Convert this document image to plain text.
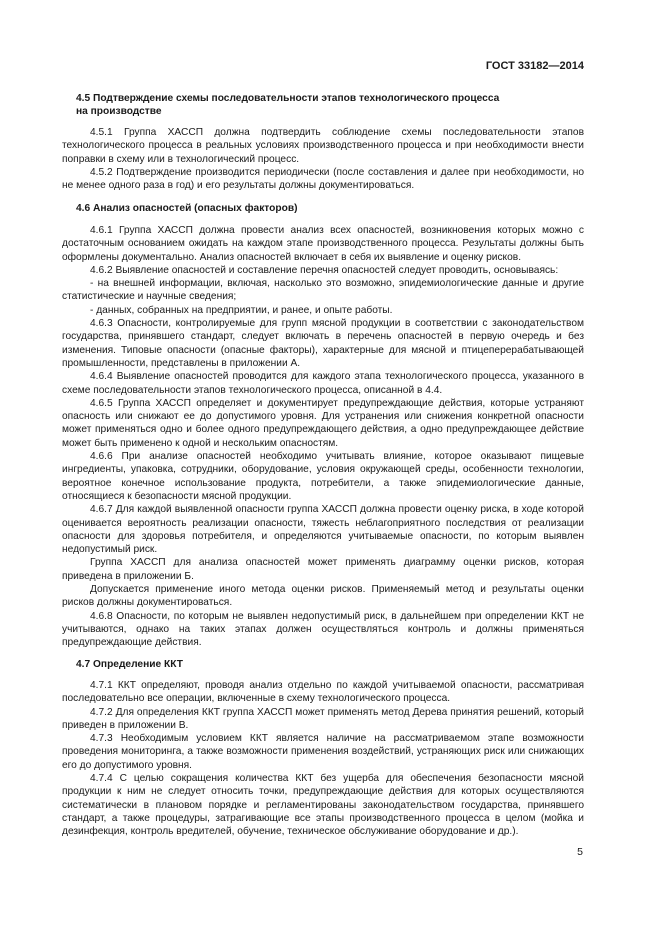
ГОСТ 33182—2014

4.5 Подтверждение схемы последовательности этапов технологического процесса

на производстве

4.5.1 Группа ХАССП должна подтвердить соблюдение схемы последовательности этапов технологического процесса в реальных условиях производственного процесса и при необходимости внести поправки в схему или в технологический процесс.

4.5.2 Подтверждение производится периодически (после составления и далее при необходимости, но не менее одного раза в год) и его результаты должны документироваться.

4.6 Анализ опасностей (опасных факторов)

4.6.1 Группа ХАССП должна провести анализ всех опасностей, возникновения которых можно с достаточным основанием ожидать на каждом этапе производственного процесса. Результаты должны быть оформлены документально. Анализ опасностей включает в себя их выявление и оценку рисков.

4.6.2 Выявление опасностей и составление перечня опасностей следует проводить, основываясь:

- на внешней информации, включая, насколько это возможно, эпидемиологические данные и другие статистические и научные сведения;

- данных, собранных на предприятии, и ранее, и опыте работы.

4.6.3 Опасности, контролируемые для групп мясной продукции в соответствии с законодательством государства, принявшего стандарт, следует включать в перечень опасностей в первую очередь и без изменения. Типовые опасности (опасные факторы), характерные для мясной и птицеперерабатывающей промышленности, представлены в приложении А.

4.6.4 Выявление опасностей проводится для каждого этапа технологического процесса, указанного в схеме последовательности этапов технологического процесса, описанной в 4.4.

4.6.5 Группа ХАССП определяет и документирует предупреждающие действия, которые устраняют опасность или снижают ее до допустимого уровня. Для устранения или снижения конкретной опасности может применяться одно и более одного предупреждающего действия, а одно предупреждающее действие может быть применено к одной и нескольким опасностям.

4.6.6 При анализе опасностей необходимо учитывать влияние, которое оказывают пищевые ингредиенты, упаковка, сотрудники, оборудование, условия окружающей среды, особенности технологии, вероятное конечное использование продукта, потребители, а также эпидемиологические данные, относящиеся к безопасности мясной продукции.

4.6.7 Для каждой выявленной опасности группа ХАССП должна провести оценку риска, в ходе которой оценивается вероятность реализации опасности, тяжесть неблагоприятного последствия от реализации опасности для здоровья потребителя, и определяются учитываемые опасности, по которым выявлен недопустимый риск.

Группа ХАССП для анализа опасностей может применять диаграмму оценки рисков, которая приведена в приложении Б.

Допускается применение иного метода оценки рисков. Применяемый метод и результаты оценки рисков должны документироваться.

4.6.8 Опасности, по которым не выявлен недопустимый риск, в дальнейшем при определении ККТ не учитываются, однако на таких этапах должен осуществляться контроль и должны применяться предупреждающие действия.

4.7 Определение ККТ

4.7.1 ККТ определяют, проводя анализ отдельно по каждой учитываемой опасности, рассматривая последовательно все операции, включенные в схему технологического процесса.

4.7.2 Для определения ККТ группа ХАССП может применять метод Дерева принятия решений, который приведен в приложении В.

4.7.3 Необходимым условием ККТ является наличие на рассматриваемом этапе возможности проведения мониторинга, а также возможности применения воздействий, устраняющих риск или снижающих его до допустимого уровня.

4.7.4 С целью сокращения количества ККТ без ущерба для обеспечения безопасности мясной продукции к ним не следует относить точки, предупреждающие действия для которых осуществляются систематически в плановом порядке и регламентированы законодательством государства, принявшего стандарт, а также процедуры, затрагивающие все этапы производственного процесса в целом (мойка и дезинфекция, контроль вредителей, обучение, техническое обслуживание оборудование и др.).

5
